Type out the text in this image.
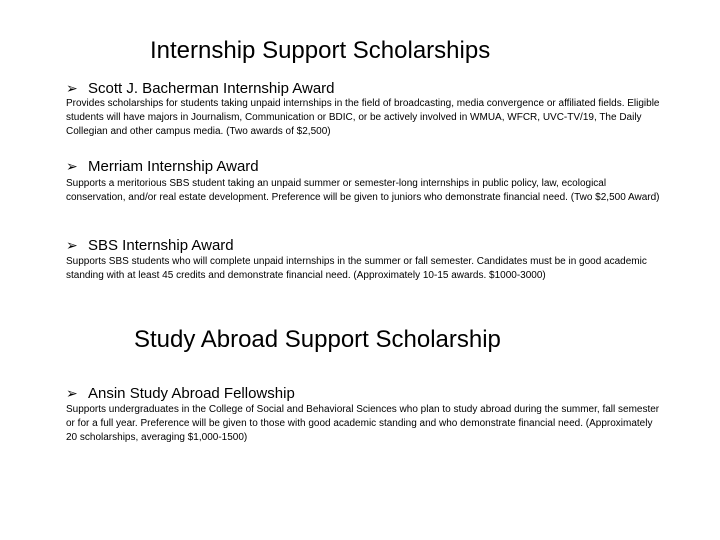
Internship Support Scholarships
➢ Scott J. Bacherman Internship Award
Provides scholarships for students taking unpaid internships in the field of broadcasting, media convergence or affiliated fields. Eligible students will have majors in Journalism, Communication or BDIC, or be actively involved in WMUA, WFCR, UVC-TV/19, The Daily Collegian and other campus media. (Two awards of $2,500)
➢ Merriam Internship Award
Supports a meritorious SBS student taking an unpaid summer or semester-long internships in public policy, law, ecological conservation, and/or real estate development. Preference will be given to juniors who demonstrate financial need. (Two $2,500 Award)
➢ SBS Internship Award
Supports SBS students who will complete unpaid internships in the summer or fall semester. Candidates must be in good academic standing with at least 45 credits and demonstrate financial need. (Approximately 10-15 awards. $1000-3000)
Study Abroad Support Scholarship
➢ Ansin Study Abroad Fellowship
Supports undergraduates in the College of Social and Behavioral Sciences who plan to study abroad during the summer, fall semester or for a full year. Preference will be given to those with good academic standing and who demonstrate financial need. (Approximately 20 scholarships, averaging $1,000-1500)
